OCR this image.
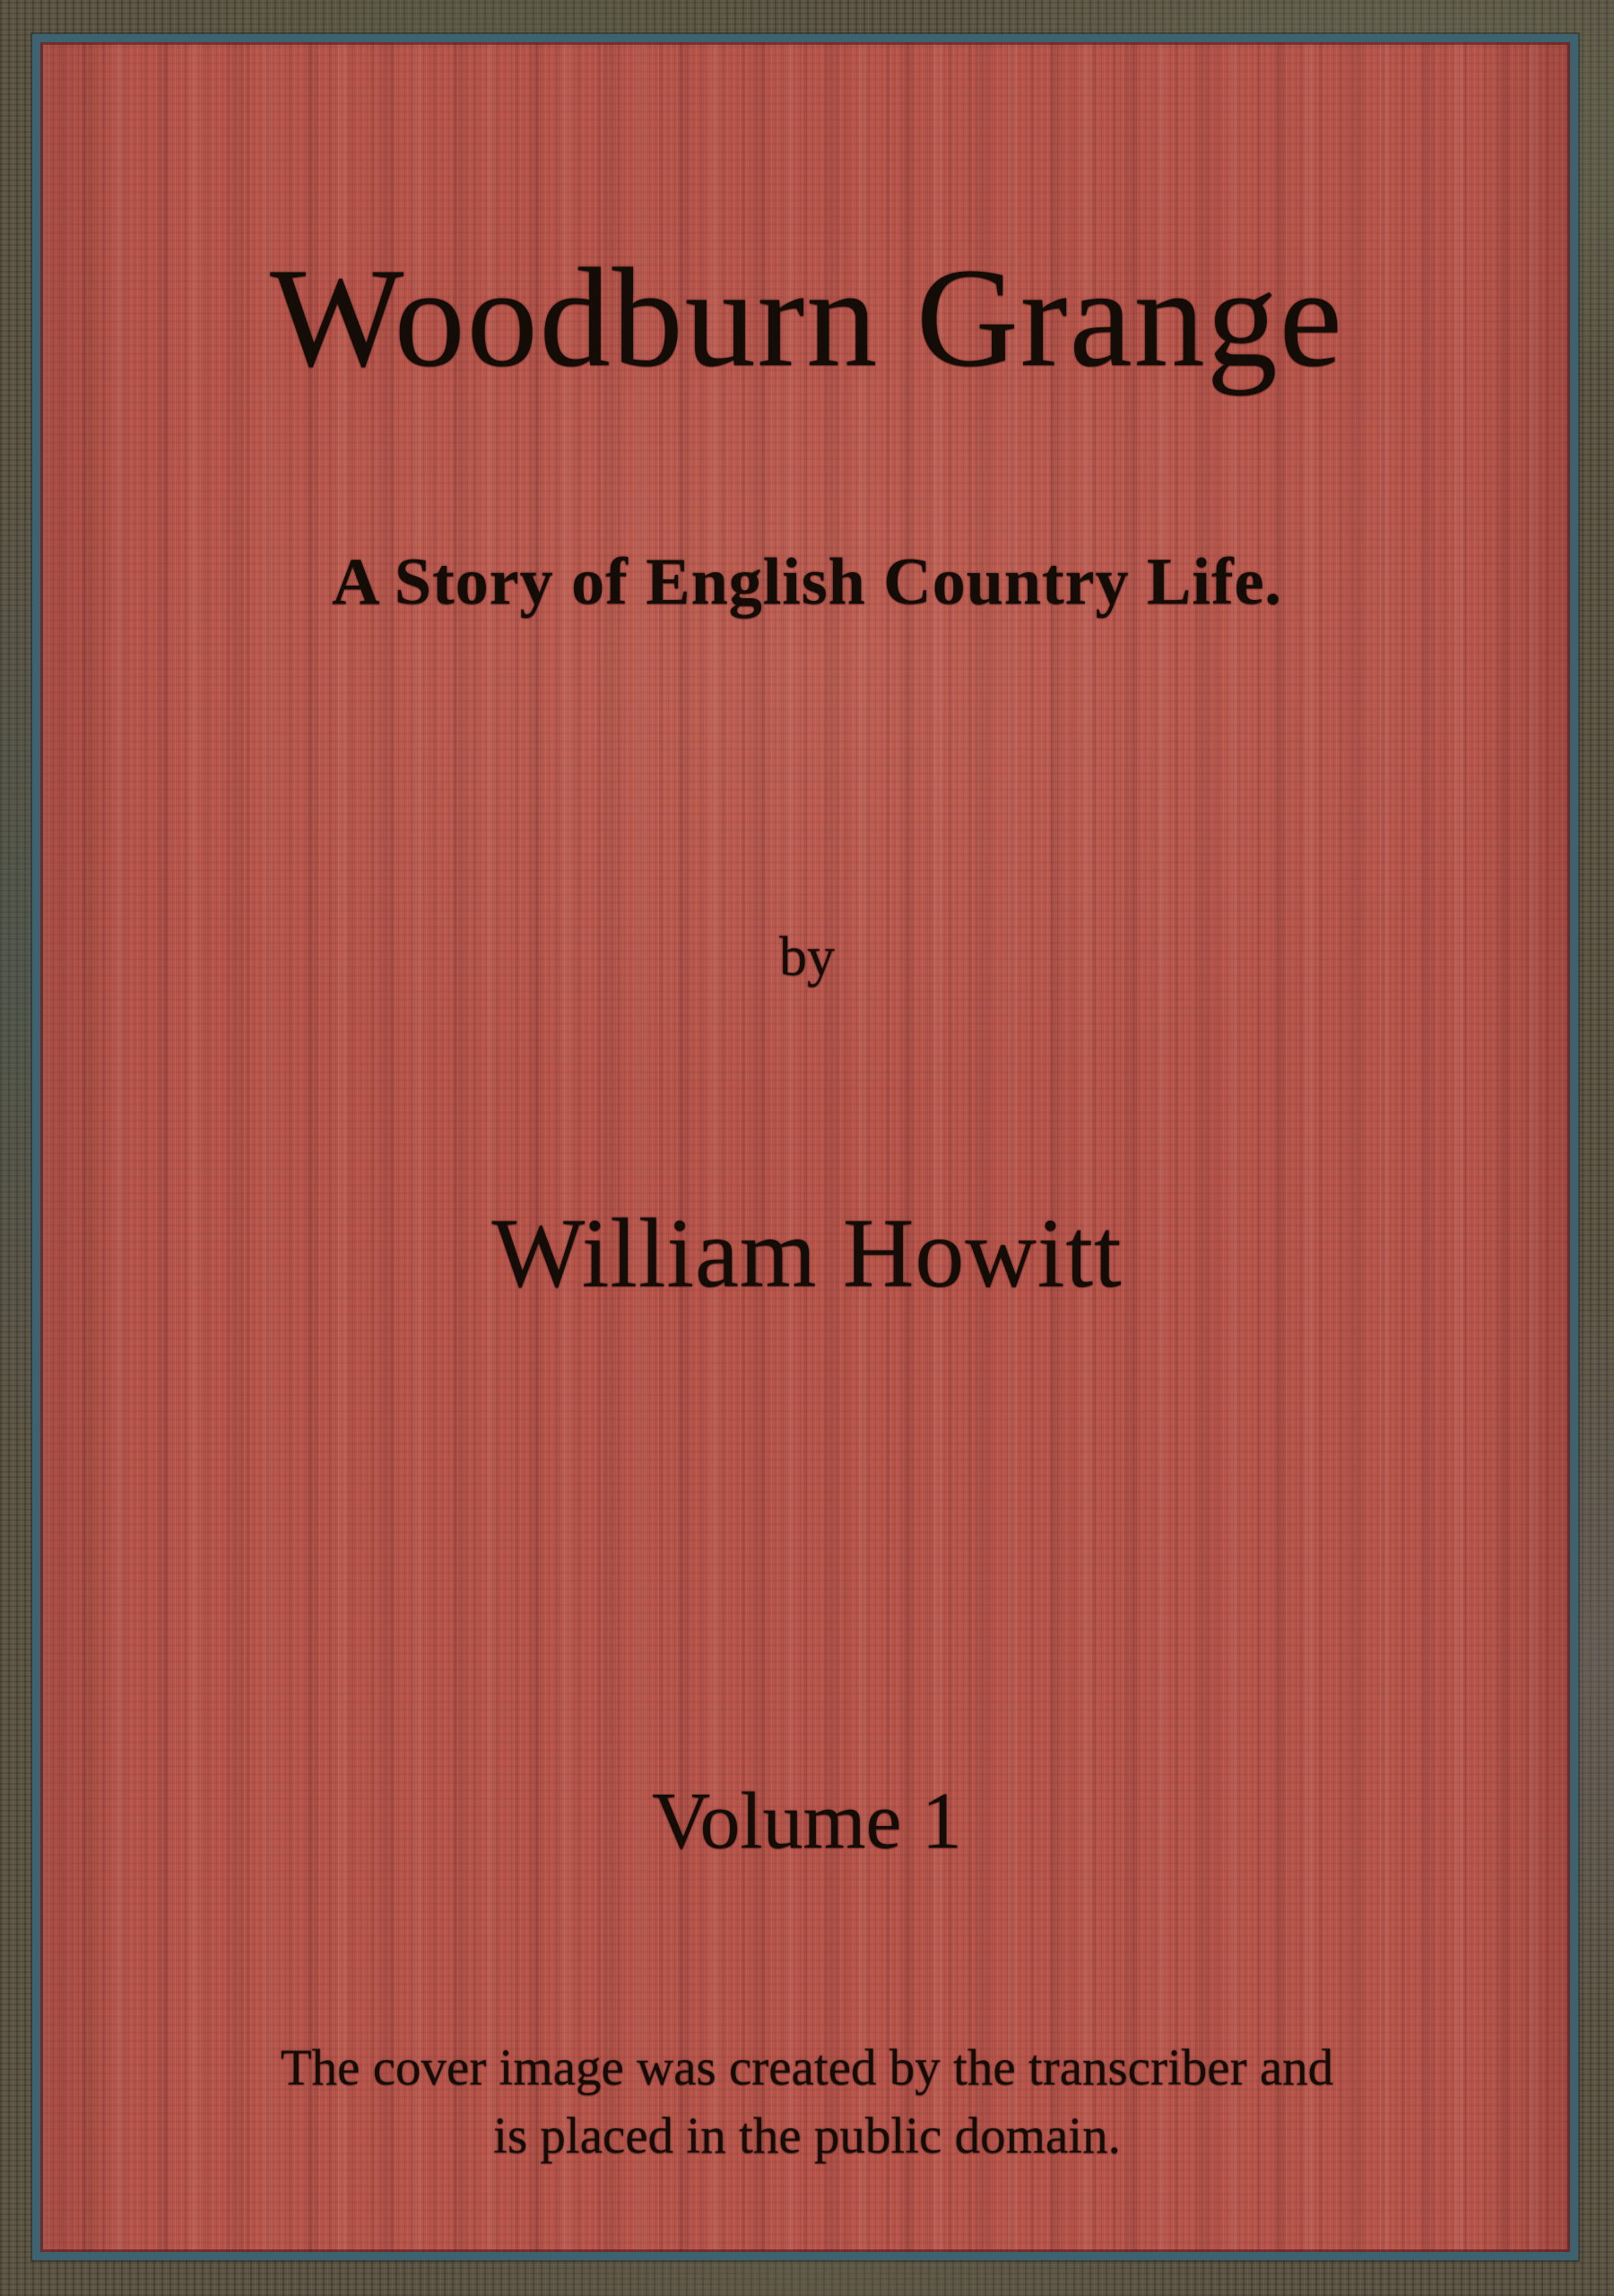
Woodburn Grange
A Story of English Country Life.
by
William Howitt
Volume 1
The cover image was created by the transcriber and
is placed in the public domain.
